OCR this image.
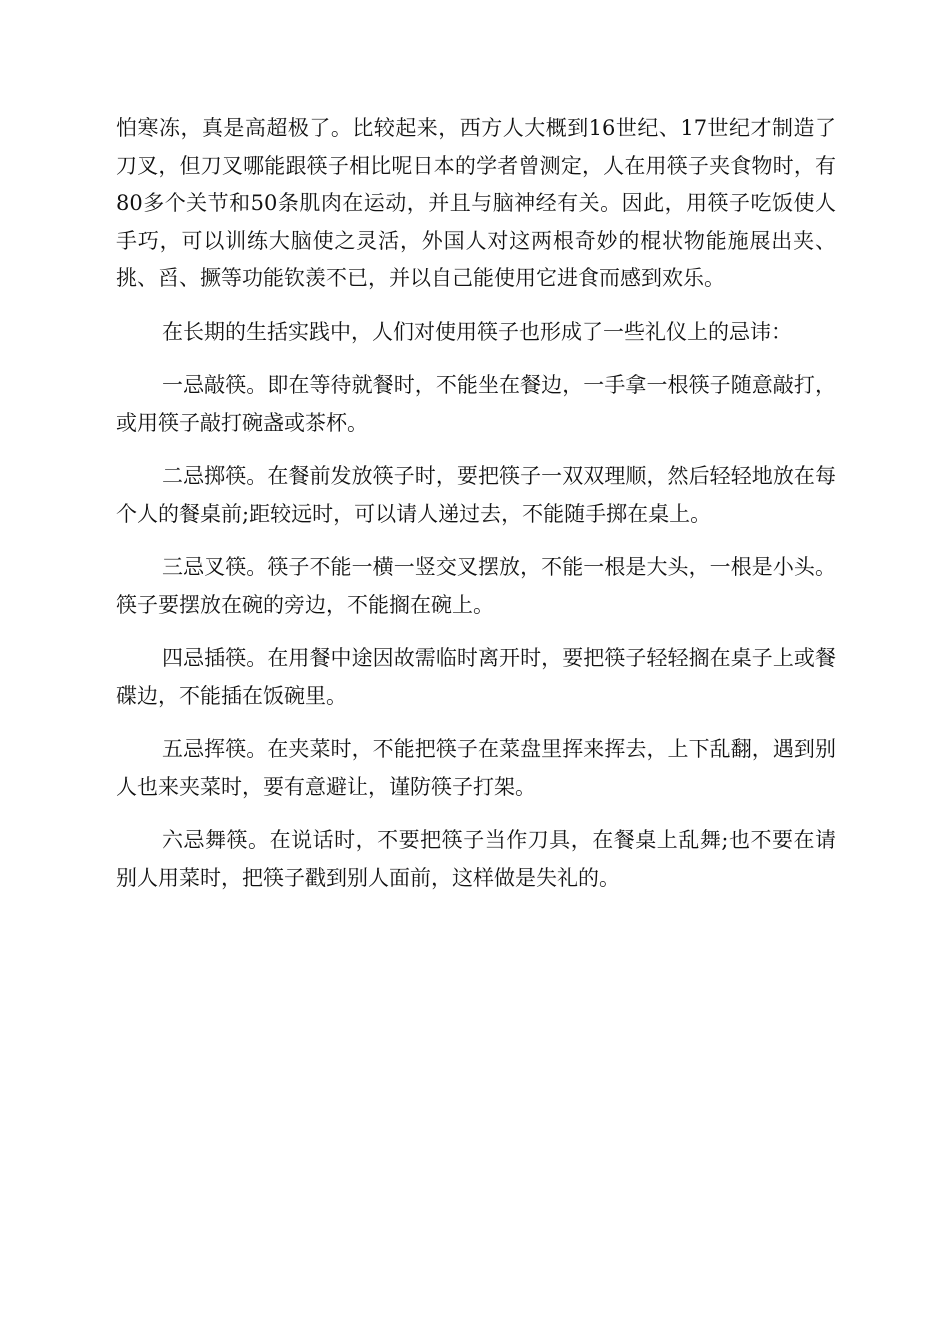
怕寒冻，真是高超极了。比较起来，西方人大概到16世纪、17世纪才制造了刀叉，但刀叉哪能跟筷子相比呢日本的学者曾测定，人在用筷子夹食物时，有80多个关节和50条肌肉在运动，并且与脑神经有关。因此，用筷子吃饭使人手巧，可以训练大脑使之灵活，外国人对这两根奇妙的棍状物能施展出夹、挑、舀、撅等功能钦羡不已，并以自己能使用它进食而感到欢乐。

在长期的生括实践中，人们对使用筷子也形成了一些礼仪上的忌讳：

一忌敲筷。即在等待就餐时，不能坐在餐边，一手拿一根筷子随意敲打，或用筷子敲打碗盏或茶杯。

二忌掷筷。在餐前发放筷子时，要把筷子一双双理顺，然后轻轻地放在每个人的餐桌前;距较远时，可以请人递过去，不能随手掷在桌上。

三忌叉筷。筷子不能一横一竖交叉摆放，不能一根是大头，一根是小头。筷子要摆放在碗的旁边，不能搁在碗上。

四忌插筷。在用餐中途因故需临时离开时，要把筷子轻轻搁在桌子上或餐碟边，不能插在饭碗里。

五忌挥筷。在夹菜时，不能把筷子在菜盘里挥来挥去，上下乱翻，遇到别人也来夹菜时，要有意避让，谨防筷子打架。

六忌舞筷。在说话时，不要把筷子当作刀具，在餐桌上乱舞;也不要在请别人用菜时，把筷子戳到别人面前，这样做是失礼的。
